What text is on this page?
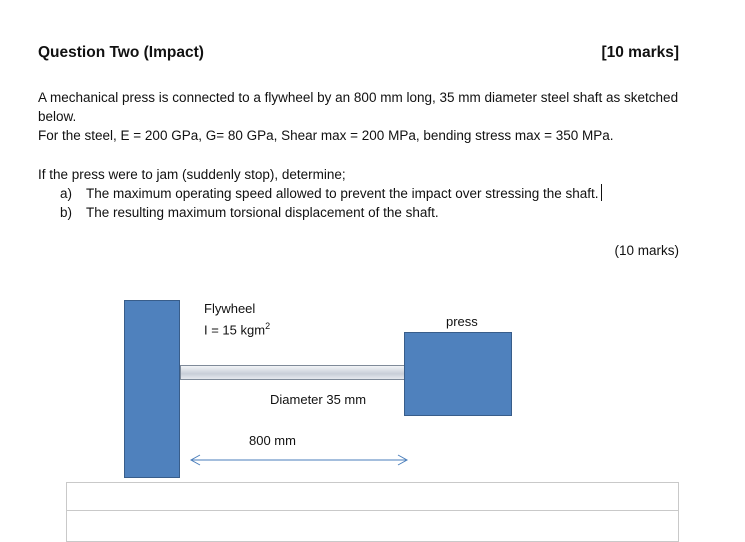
Question Two (Impact)	[10 marks]
A mechanical press is connected to a flywheel by an 800 mm long, 35 mm diameter steel shaft as sketched below.
For the steel, E = 200 GPa, G= 80 GPa, Shear max = 200 MPa, bending stress max = 350 MPa.
If the press were to jam (suddenly stop), determine;
a)	The maximum operating speed allowed to prevent the impact over stressing the shaft.
b)	The resulting maximum torsional displacement of the shaft.
(10 marks)
Flywheel
I = 15 kgm$^2$	press
Diameter 35 mm
800 mm
